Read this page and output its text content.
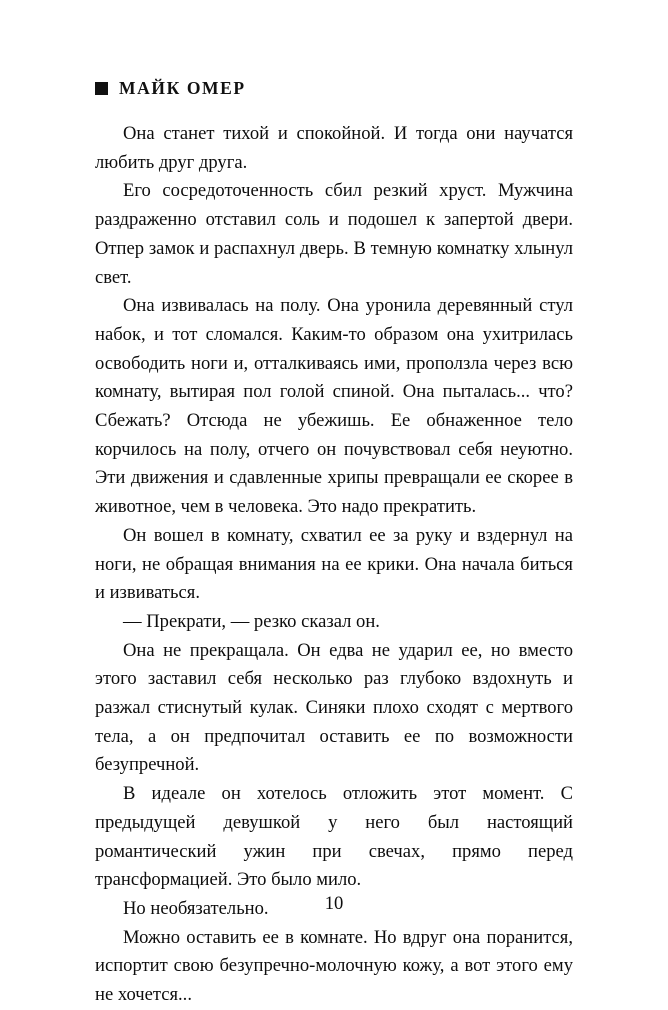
МАЙК ОМЕР

Она станет тихой и спокойной. И тогда они научатся любить друг друга.

Его сосредоточенность сбил резкий хруст. Мужчина раздраженно отставил соль и подошел к запертой двери. Отпер замок и распахнул дверь. В темную комнатку хлынул свет.

Она извивалась на полу. Она уронила деревянный стул набок, и тот сломался. Каким-то образом она ухитрилась освободить ноги и, отталкиваясь ими, проползла через всю комнату, вытирая пол голой спиной. Она пыталась... что? Сбежать? Отсюда не убежишь. Ее обнаженное тело корчилось на полу, отчего он почувствовал себя неуютно. Эти движения и сдавленные хрипы превращали ее скорее в животное, чем в человека. Это надо прекратить.

Он вошел в комнату, схватил ее за руку и вздернул на ноги, не обращая внимания на ее крики. Она начала биться и извиваться.

— Прекрати, — резко сказал он.

Она не прекращала. Он едва не ударил ее, но вместо этого заставил себя несколько раз глубоко вздохнуть и разжал стиснутый кулак. Синяки плохо сходят с мертвого тела, а он предпочитал оставить ее по возможности безупречной.

В идеале он хотелось отложить этот момент. С предыдущей девушкой у него был настоящий романтический ужин при свечах, прямо перед трансформацией. Это было мило.

Но необязательно.

Можно оставить ее в комнате. Но вдруг она поранится, испортит свою безупречно-молочную кожу, а вот этого ему не хочется...

10
